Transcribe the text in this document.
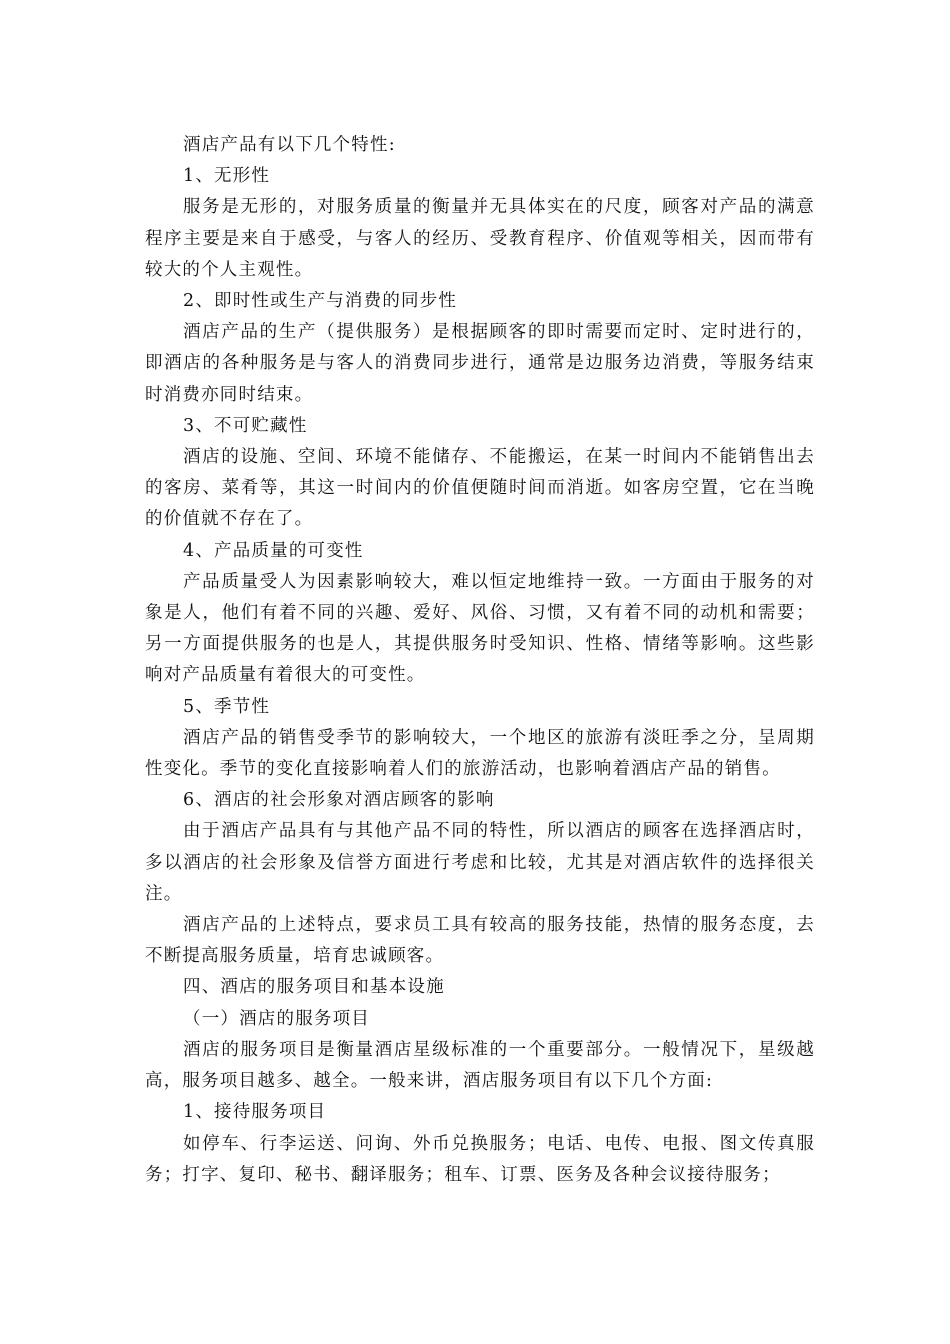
酒店产品有以下几个特性:

1、无形性

服务是无形的，对服务质量的衡量并无具体实在的尺度，顾客对产品的满意程序主要是来自于感受，与客人的经历、受教育程序、价值观等相关，因而带有较大的个人主观性。

2、即时性或生产与消费的同步性

酒店产品的生产（提供服务）是根据顾客的即时需要而定时、定时进行的，即酒店的各种服务是与客人的消费同步进行，通常是边服务边消费，等服务结束时消费亦同时结束。

3、不可贮藏性

酒店的设施、空间、环境不能储存、不能搬运，在某一时间内不能销售出去的客房、菜肴等，其这一时间内的价值便随时间而消逝。如客房空置，它在当晚的价值就不存在了。

4、产品质量的可变性

产品质量受人为因素影响较大，难以恒定地维持一致。一方面由于服务的对象是人，他们有着不同的兴趣、爱好、风俗、习惯，又有着不同的动机和需要；另一方面提供服务的也是人，其提供服务时受知识、性格、情绪等影响。这些影响对产品质量有着很大的可变性。

5、季节性

酒店产品的销售受季节的影响较大，一个地区的旅游有淡旺季之分，呈周期性变化。季节的变化直接影响着人们的旅游活动，也影响着酒店产品的销售。

6、酒店的社会形象对酒店顾客的影响

由于酒店产品具有与其他产品不同的特性，所以酒店的顾客在选择酒店时，多以酒店的社会形象及信誉方面进行考虑和比较，尤其是对酒店软件的选择很关注。

酒店产品的上述特点，要求员工具有较高的服务技能，热情的服务态度，去不断提高服务质量，培育忠诚顾客。

四、酒店的服务项目和基本设施

（一）酒店的服务项目

酒店的服务项目是衡量酒店星级标准的一个重要部分。一般情况下，星级越高，服务项目越多、越全。一般来讲，酒店服务项目有以下几个方面:

1、接待服务项目

如停车、行李运送、问询、外币兑换服务；电话、电传、电报、图文传真服务；打字、复印、秘书、翻译服务；租车、订票、医务及各种会议接待服务；
